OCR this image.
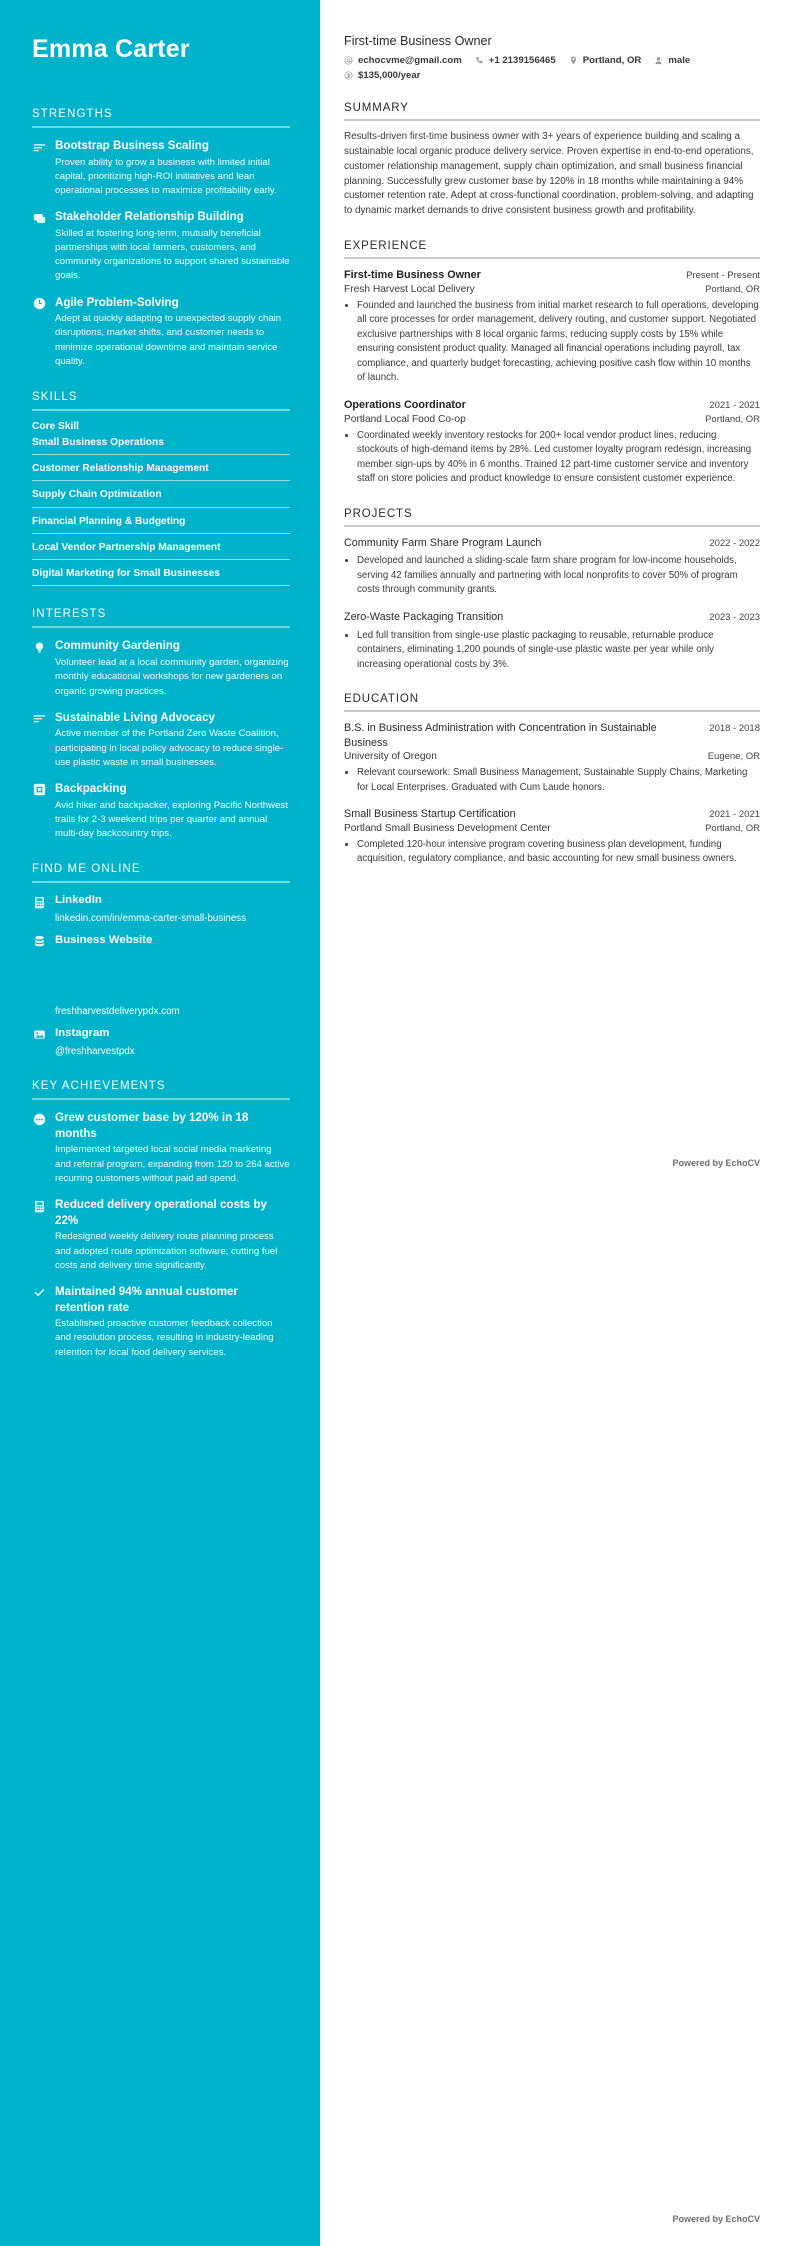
Emma Carter
STRENGTHS
Bootstrap Business Scaling
Proven ability to grow a business with limited initial capital, prioritizing high-ROI initiatives and lean operational processes to maximize profitability early.
Stakeholder Relationship Building
Skilled at fostering long-term, mutually beneficial partnerships with local farmers, customers, and community organizations to support shared sustainable goals.
Agile Problem-Solving
Adept at quickly adapting to unexpected supply chain disruptions, market shifts, and customer needs to minimize operational downtime and maintain service quality.
SKILLS
Core Skill
Small Business Operations
Customer Relationship Management
Supply Chain Optimization
Financial Planning & Budgeting
Local Vendor Partnership Management
Digital Marketing for Small Businesses
INTERESTS
Community Gardening
Volunteer lead at a local community garden, organizing monthly educational workshops for new gardeners on organic growing practices.
Sustainable Living Advocacy
Active member of the Portland Zero Waste Coalition, participating in local policy advocacy to reduce single-use plastic waste in small businesses.
Backpacking
Avid hiker and backpacker, exploring Pacific Northwest trails for 2-3 weekend trips per quarter and annual multi-day backcountry trips.
FIND ME ONLINE
LinkedIn
linkedin.com/in/emma-carter-small-business
Business Website
freshharvestdeliverypdx.com
Instagram
@freshharvestpdx
KEY ACHIEVEMENTS
Grew customer base by 120% in 18 months
Implemented targeted local social media marketing and referral program, expanding from 120 to 264 active recurring customers without paid ad spend.
Reduced delivery operational costs by 22%
Redesigned weekly delivery route planning process and adopted route optimization software, cutting fuel costs and delivery time significantly.
Maintained 94% annual customer retention rate
Established proactive customer feedback collection and resolution process, resulting in industry-leading retention for local food delivery services.
First-time Business Owner
echocvme@gmail.com	+1 2139156465	Portland, OR	male
$135,000/year
SUMMARY

Results-driven first-time business owner with 3+ years of experience building and scaling a sustainable local organic produce delivery service. Proven expertise in end-to-end operations, customer relationship management, supply chain optimization, and small business financial planning. Successfully grew customer base by 120% in 18 months while maintaining a 94% customer retention rate. Adept at cross-functional coordination, problem-solving, and adapting to dynamic market demands to drive consistent business growth and profitability.

EXPERIENCE
First-time Business Owner	Present - Present
Fresh Harvest Local Delivery	Portland, OR
• Founded and launched the business from initial market research to full operations, developing all core processes for order management, delivery routing, and customer support. Negotiated exclusive partnerships with 8 local organic farms, reducing supply costs by 15% while ensuring consistent product quality. Managed all financial operations including payroll, tax compliance, and quarterly budget forecasting, achieving positive cash flow within 10 months of launch.
Operations Coordinator	2021 - 2021
Portland Local Food Co-op	Portland, OR
• Coordinated weekly inventory restocks for 200+ local vendor product lines, reducing stockouts of high-demand items by 28%. Led customer loyalty program redesign, increasing member sign-ups by 40% in 6 months. Trained 12 part-time customer service and inventory staff on store policies and product knowledge to ensure consistent customer experience.
PROJECTS
Community Farm Share Program Launch	2022 - 2022
• Developed and launched a sliding-scale farm share program for low-income households, serving 42 families annually and partnering with local nonprofits to cover 50% of program costs through community grants.
Zero-Waste Packaging Transition	2023 - 2023
• Led full transition from single-use plastic packaging to reusable, returnable produce containers, eliminating 1,200 pounds of single-use plastic waste per year while only increasing operational costs by 3%.
EDUCATION
B.S. in Business Administration with Concentration in Sustainable Business
2018 - 2018
University of Oregon	Eugene, OR
• Relevant coursework: Small Business Management, Sustainable Supply Chains, Marketing for Local Enterprises. Graduated with Cum Laude honors.
Small Business Startup Certification	2021 - 2021
Portland Small Business Development Center	Portland, OR
• Completed 120-hour intensive program covering business plan development, funding acquisition, regulatory compliance, and basic accounting for new small business owners.
Powered by EchoCV
Powered by EchoCV
